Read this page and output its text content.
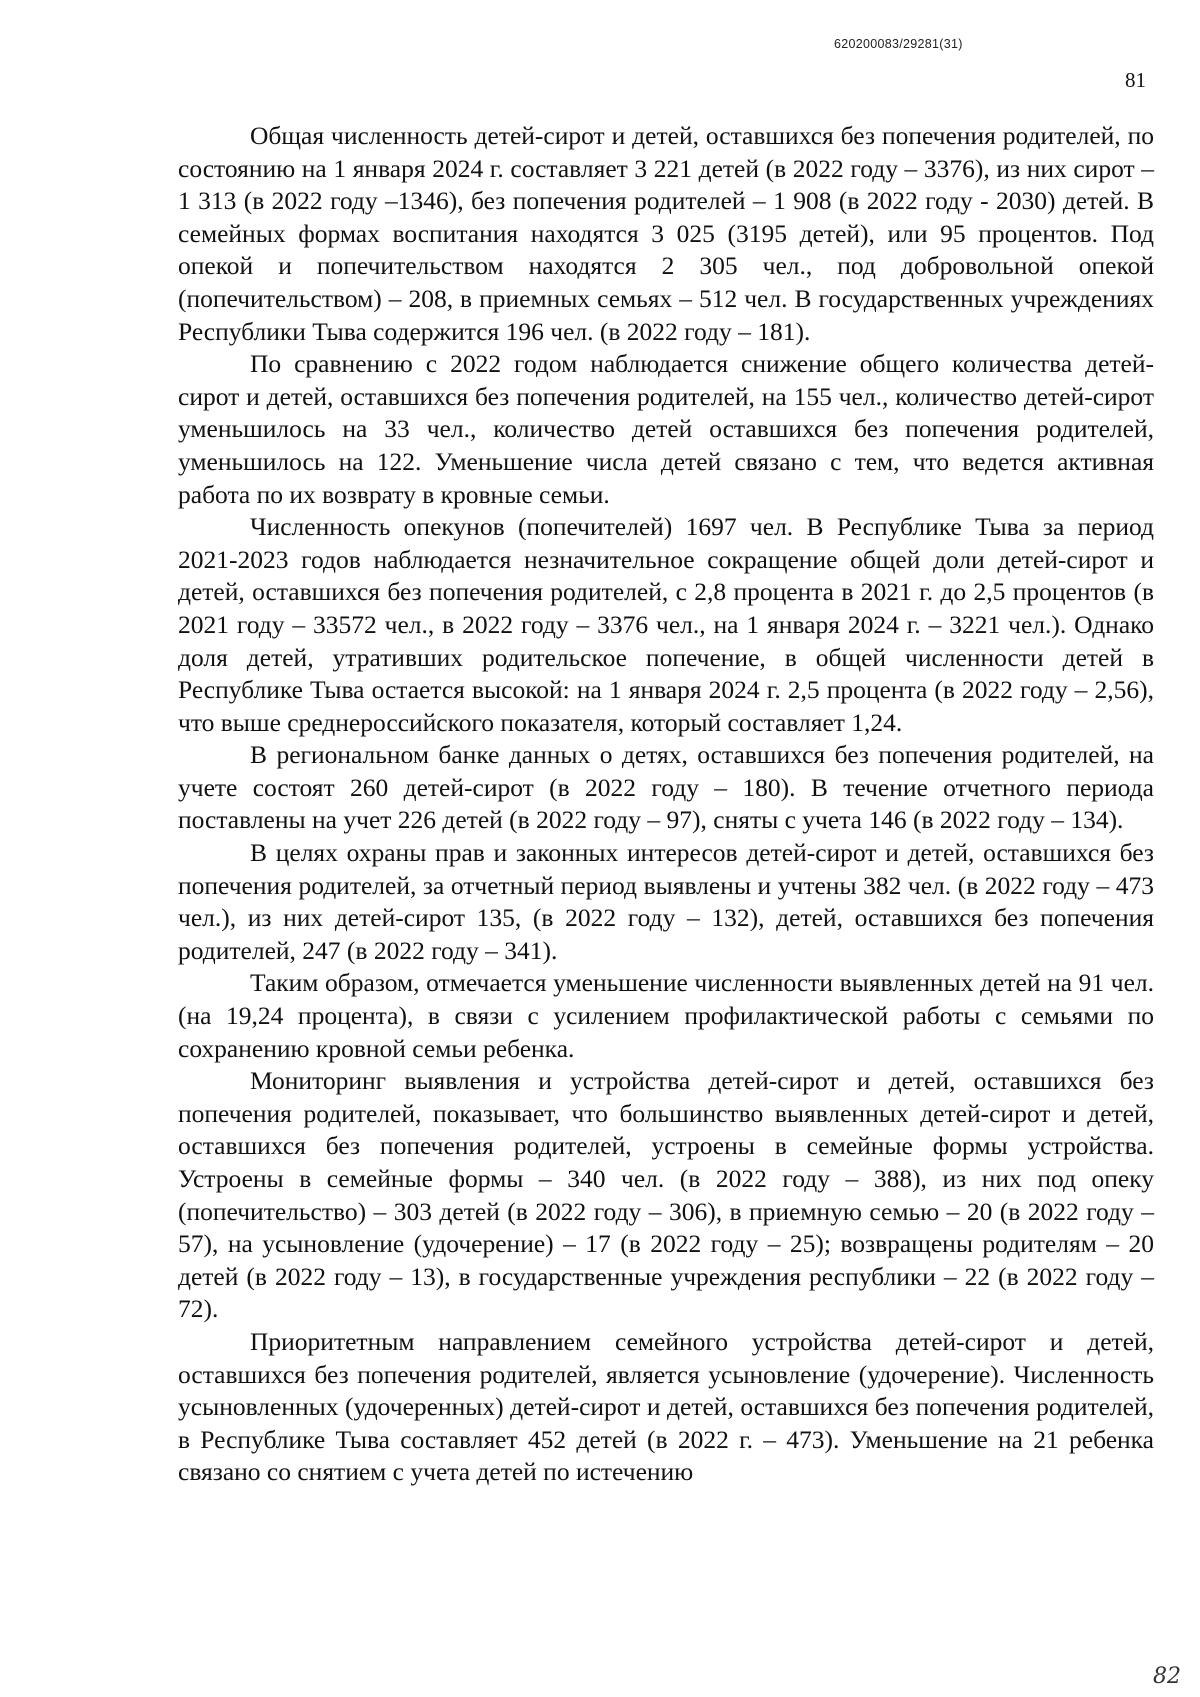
620200083/29281(31)
81

Общая численность детей-сирот и детей, оставшихся без попечения родителей, по состоянию на 1 января 2024 г. составляет 3 221 детей (в 2022 году – 3376), из них сирот – 1 313 (в 2022 году –1346), без попечения родителей – 1 908 (в 2022 году - 2030) детей. В семейных формах воспитания находятся 3 025 (3195 детей), или 95 процентов. Под опекой и попечительством находятся 2 305 чел., под добровольной опекой (попечительством) – 208, в приемных семьях – 512 чел. В государственных учреждениях Республики Тыва содержится 196 чел. (в 2022 году – 181).

По сравнению с 2022 годом наблюдается снижение общего количества детей-сирот и детей, оставшихся без попечения родителей, на 155 чел., количество детей-сирот уменьшилось на 33 чел., количество детей оставшихся без попечения родителей, уменьшилось на 122. Уменьшение числа детей связано с тем, что ведется активная работа по их возврату в кровные семьи.

Численность опекунов (попечителей) 1697 чел. В Республике Тыва за период 2021-2023 годов наблюдается незначительное сокращение общей доли детей-сирот и детей, оставшихся без попечения родителей, с 2,8 процента в 2021 г. до 2,5 процентов (в 2021 году – 33572 чел., в 2022 году – 3376 чел., на 1 января 2024 г. – 3221 чел.). Однако доля детей, утративших родительское попечение, в общей численности детей в Республике Тыва остается высокой: на 1 января 2024 г. 2,5 процента (в 2022 году – 2,56), что выше среднероссийского показателя, который составляет 1,24.

В региональном банке данных о детях, оставшихся без попечения родителей, на учете состоят 260 детей-сирот (в 2022 году – 180). В течение отчетного периода поставлены на учет 226 детей (в 2022 году – 97), сняты с учета 146 (в 2022 году – 134).

В целях охраны прав и законных интересов детей-сирот и детей, оставшихся без попечения родителей, за отчетный период выявлены и учтены 382 чел. (в 2022 году – 473 чел.), из них детей-сирот 135, (в 2022 году – 132), детей, оставшихся без попечения родителей, 247 (в 2022 году – 341).

Таким образом, отмечается уменьшение численности выявленных детей на 91 чел. (на 19,24 процента), в связи с усилением профилактической работы с семьями по сохранению кровной семьи ребенка.

Мониторинг выявления и устройства детей-сирот и детей, оставшихся без попечения родителей, показывает, что большинство выявленных детей-сирот и детей, оставшихся без попечения родителей, устроены в семейные формы устройства. Устроены в семейные формы – 340 чел. (в 2022 году – 388), из них под опеку (попечительство) – 303 детей (в 2022 году – 306), в приемную семью – 20 (в 2022 году – 57), на усыновление (удочерение) – 17 (в 2022 году – 25); возвращены родителям – 20 детей (в 2022 году – 13), в государственные учреждения республики – 22 (в 2022 году – 72).

Приоритетным направлением семейного устройства детей-сирот и детей, оставшихся без попечения родителей, является усыновление (удочерение). Численность усыновленных (удочеренных) детей-сирот и детей, оставшихся без попечения родителей, в Республике Тыва составляет 452 детей (в 2022 г. – 473). Уменьшение на 21 ребенка связано со снятием с учета детей по истечению

82
